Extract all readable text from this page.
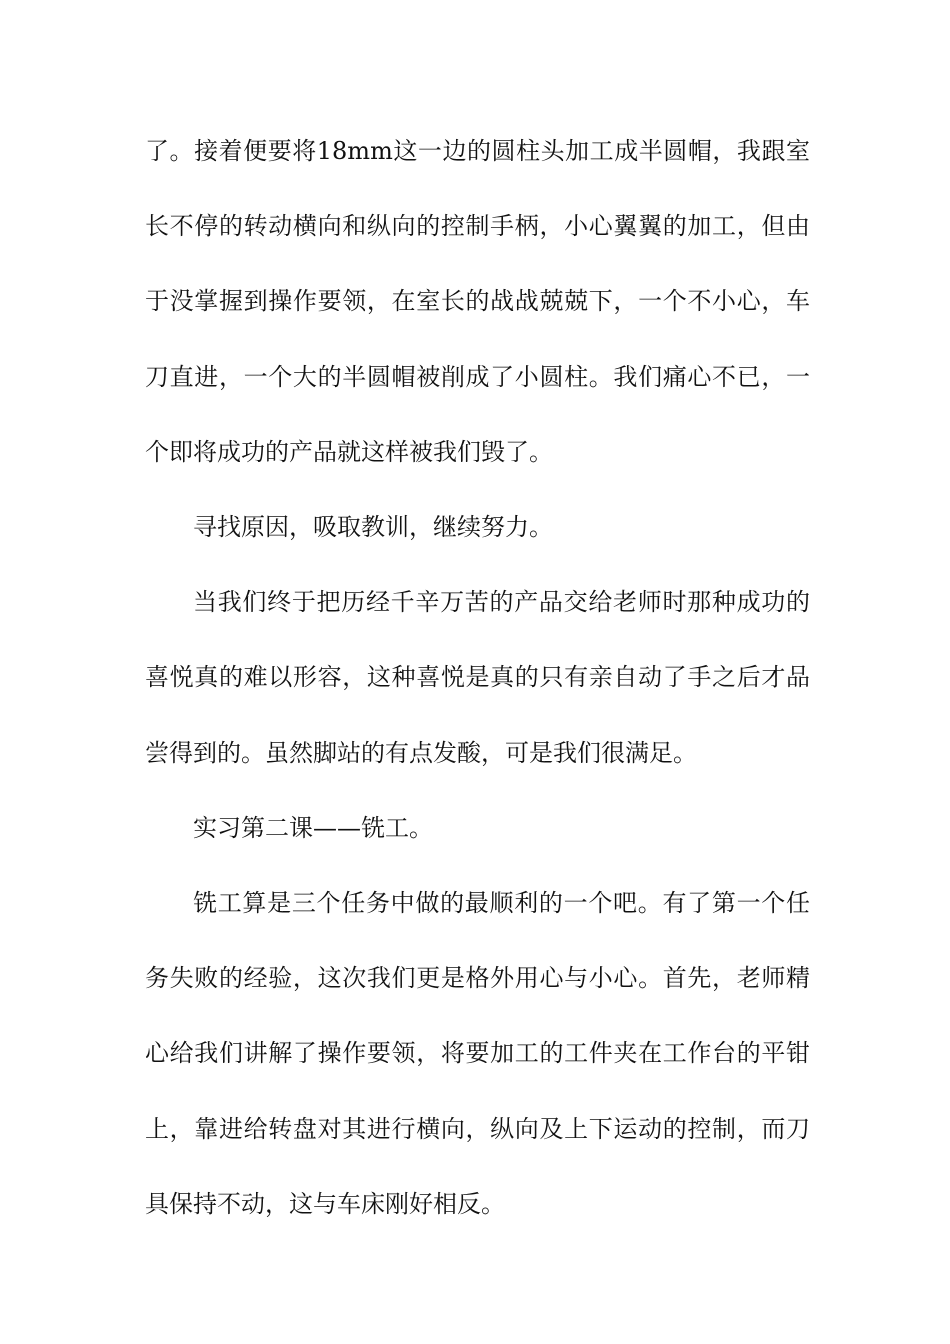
了。接着便要将18mm这一边的圆柱头加工成半圆帽，我跟室长不停的转动横向和纵向的控制手柄，小心翼翼的加工，但由于没掌握到操作要领，在室长的战战兢兢下，一个不小心，车刀直进，一个大的半圆帽被削成了小圆柱。我们痛心不已，一个即将成功的产品就这样被我们毁了。

寻找原因，吸取教训，继续努力。

当我们终于把历经千辛万苦的产品交给老师时那种成功的喜悦真的难以形容，这种喜悦是真的只有亲自动了手之后才品尝得到的。虽然脚站的有点发酸，可是我们很满足。

实习第二课——铣工。

铣工算是三个任务中做的最顺利的一个吧。有了第一个任务失败的经验，这次我们更是格外用心与小心。首先，老师精心给我们讲解了操作要领，将要加工的工件夹在工作台的平钳上，靠进给转盘对其进行横向，纵向及上下运动的控制，而刀具保持不动，这与车床刚好相反。
